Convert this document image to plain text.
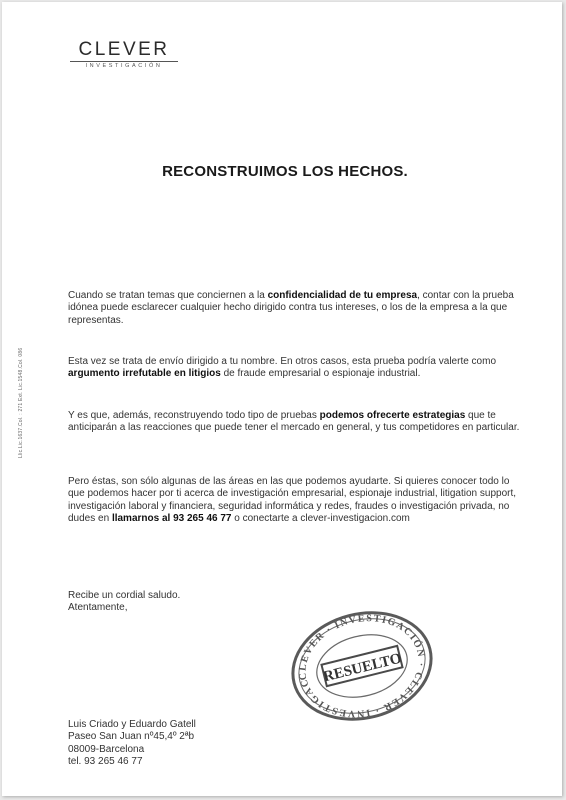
CLEVER
INVESTIGACIÓN
Llic.Lic.1637.Col. : 271 Ext. Lic.1548.Col. 086
RECONSTRUIMOS LOS HECHOS.

Cuando se tratan temas que conciernen a la confidencialidad de tu empresa, contar con la prueba idónea puede esclarecer cualquier hecho dirigido contra tus intereses, o los de la empresa a la que representas.

Esta vez se trata de envío dirigido a tu nombre. En otros casos, esta prueba podría valerte como argumento irrefutable en litigios de fraude empresarial o espionaje industrial.

Y es que, además, reconstruyendo todo tipo de pruebas podemos ofrecerte estrategias que te anticiparán a las reacciones que puede tener el mercado en general, y tus competidores en particular.

Pero éstas, son sólo algunas de las áreas en las que podemos ayudarte. Si quieres conocer todo lo que podemos hacer por ti acerca de investigación empresarial, espionaje industrial, litigation support, investigación laboral y financiera, seguridad informática y redes, fraudes o investigación privada, no dudes en llamarnos al 93 265 46 77 o conectarte a clever-investigacion.com

Recibe un cordial saludo.
Atentamente,
CLEVER · INVESTIGACIÓN · CLEVER · INVESTIGACIÓN
RESUELTO
Luis Criado y Eduardo Gatell
Paseo San Juan nº45,4º 2ªb
08009-Barcelona
tel. 93 265 46 77
